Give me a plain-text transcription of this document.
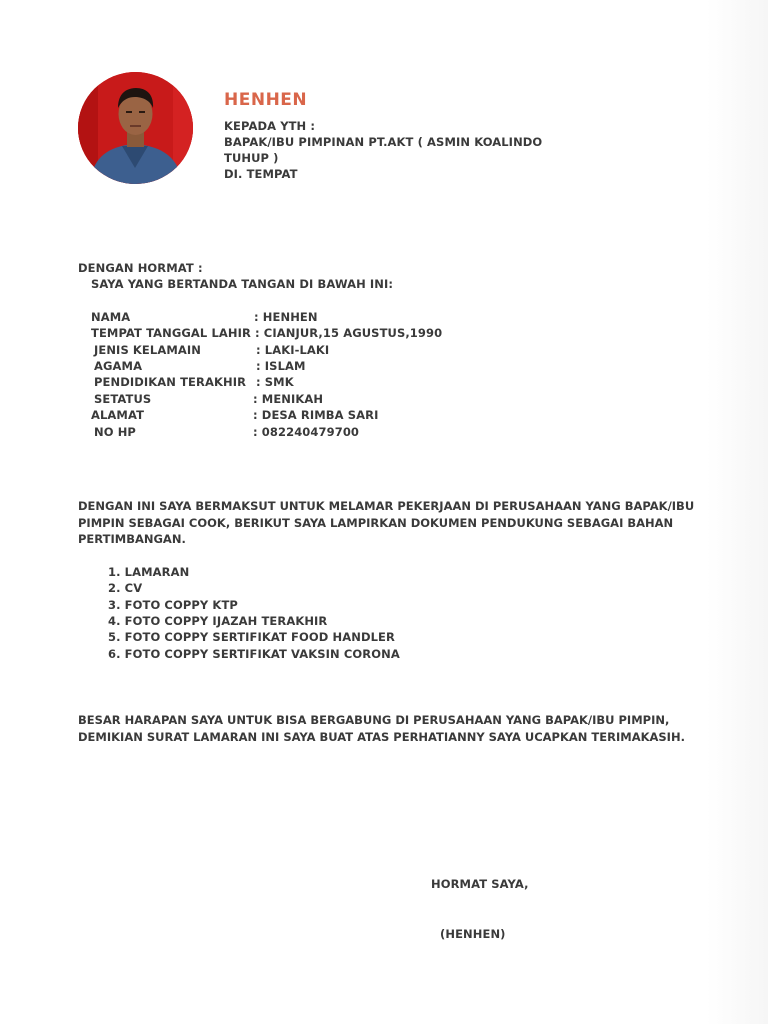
HENHEN
KEPADA YTH :
BAPAK/IBU PIMPINAN PT.AKT ( ASMIN KOALINDO
TUHUP )
DI. TEMPAT
DENGAN HORMAT :
SAYA YANG BERTANDA TANGAN DI BAWAH INI:
NAMA	: HENHEN
TEMPAT TANGGAL LAHIR : CIANJUR,15 AGUSTUS,1990
JENIS KELAMAIN	: LAKI-LAKI
AGAMA	: ISLAM
PENDIDIKAN TERAKHIR : SMK
SETATUS	: MENIKAH
ALAMAT	: DESA RIMBA SARI
NO HP	: 082240479700
DENGAN INI SAYA BERMAKSUT UNTUK MELAMAR PEKERJAAN DI PERUSAHAAN YANG BAPAK/IBU PIMPIN SEBAGAI COOK, BERIKUT SAYA LAMPIRKAN DOKUMEN PENDUKUNG SEBAGAI BAHAN PERTIMBANGAN.
1. LAMARAN
2. CV
3. FOTO COPPY KTP
4. FOTO COPPY IJAZAH TERAKHIR
5. FOTO COPPY SERTIFIKAT FOOD HANDLER
6. FOTO COPPY SERTIFIKAT VAKSIN CORONA
BESAR HARAPAN SAYA UNTUK BISA BERGABUNG DI PERUSAHAAN YANG BAPAK/IBU PIMPIN, DEMIKIAN SURAT LAMARAN INI SAYA BUAT ATAS PERHATIANNY SAYA UCAPKAN TERIMAKASIH.
HORMAT SAYA,
(HENHEN)
